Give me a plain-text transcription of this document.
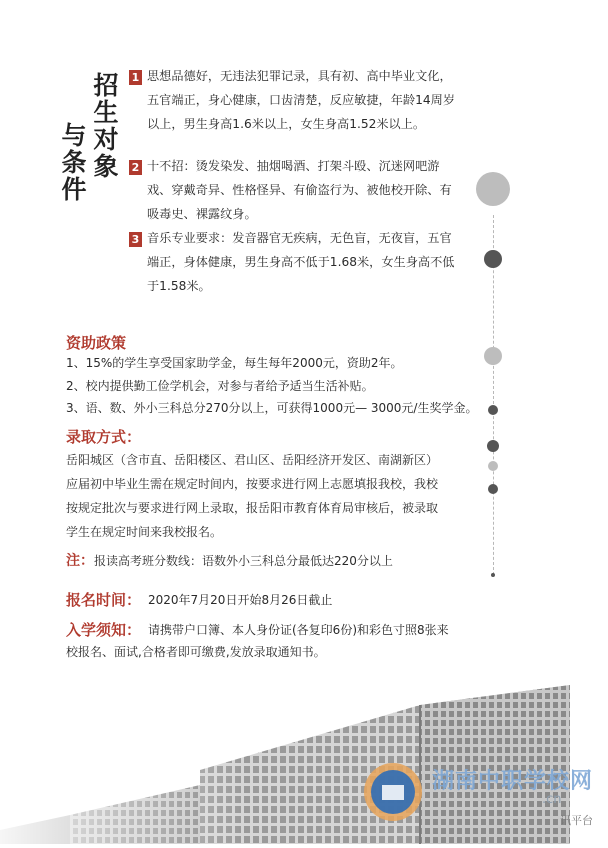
招生对象
与条件
1 思想品德好，无违法犯罪记录，具有初、高中毕业文化，五官端正，身心健康，口齿清楚，反应敏捷，年龄14周岁以上，男生身高1.6米以上，女生身高1.52米以上。
2 十不招：烫发染发、抽烟喝酒、打架斗殴、沉迷网吧游戏、穿戴奇异、性格怪异、有偷盗行为、被他校开除、有吸毒史、裸露纹身。
3 音乐专业要求：发音器官无疾病，无色盲，无夜盲，五官端正，身体健康，男生身高不低于1.68米，女生身高不低于1.58米。
资助政策
1、15%的学生享受国家助学金，每生每年2000元，资助2年。
2、校内提供勤工俭学机会，对参与者给予适当生活补贴。
3、语、数、外小三科总分270分以上，可获得1000元— 3000元/生奖学金。
录取方式：
岳阳城区（含市直、岳阳楼区、君山区、岳阳经济开发区、南湖新区）
应届初中毕业生需在规定时间内，按要求进行网上志愿填报我校，我校
按规定批次与要求进行网上录取，报岳阳市教育体育局审核后，被录取
学生在规定时间来我校报名。
注： 报读高考班分数线：语数外小三科总分最低达220分以上
报名时间： 2020年7月20日开始8月26日截止
入学须知： 请携带户口簿、本人身份证(各复印6份)和彩色寸照8张来
校报名、面试,合格者即可缴费,发放录取通知书。
湖南中职学校网
.cn
讯平台
